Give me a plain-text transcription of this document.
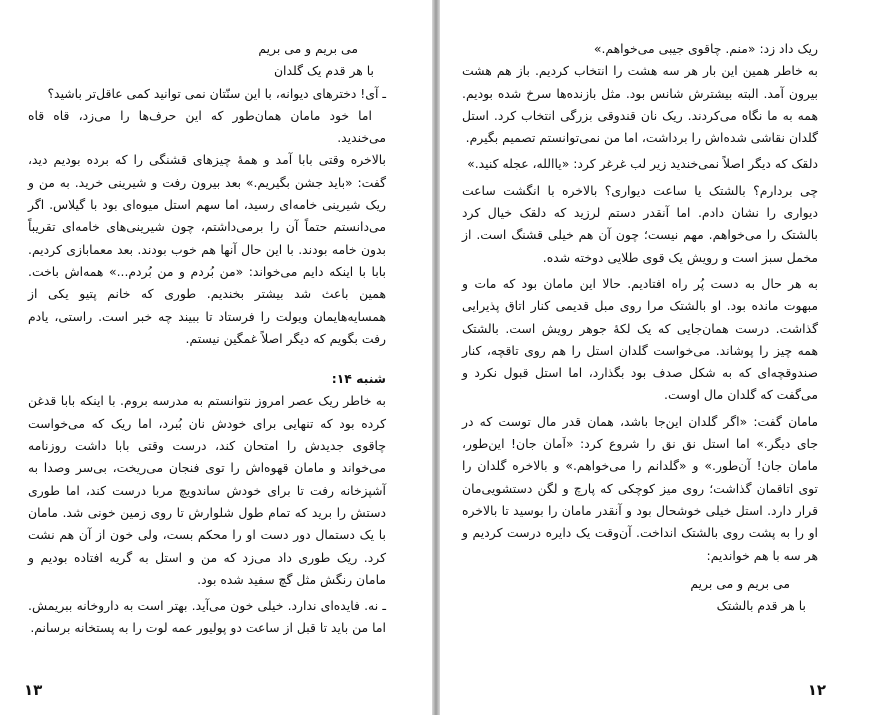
می بریم و می بریم
با هر قدم یک گلدان

ـ آی! دخترهای دیوانه، با این سنّتان نمی توانید کمی عاقل‌تر باشید؟

اما خود مامان همان‌طور که این حرف‌ها را می‌زد، قاه قاه می‌خندید.

بالاخره وقتی بابا آمد و همهٔ چیزهای قشنگی را که برده بودیم دید، گفت: «باید جشن بگیریم.» بعد بیرون رفت و شیرینی خرید. به من و ریک شیرینی خامه‌ای رسید، اما سهم استل میوه‌ای بود با گیلاس. اگر می‌دانستم حتماً آن را برمی‌داشتم، چون شیرینی‌های خامه‌ای تقریباً بدون خامه بودند. با این حال آنها هم خوب بودند. بعد معمابازی کردیم. بابا با اینکه دایم می‌خواند: «من بُردم و من بُردم...» همه‌اش باخت. همین باعث شد بیشتر بخندیم. طوری که خانم پتیو یکی از همسایه‌هایمان ویولت را فرستاد تا ببیند چه خبر است. راستی، یادم رفت بگویم که دیگر اصلاً غمگین نیستم.

شنبه ۱۴:

به خاطر ریک عصر امروز نتوانستم به مدرسه بروم. با اینکه بابا قدغن کرده بود که تنهایی برای خودش نان بُبرد، اما ریک که می‌خواست چاقوی جدیدش را امتحان کند، درست وقتی بابا داشت روزنامه می‌خواند و مامان قهوه‌اش را توی فنجان می‌ریخت، بی‌سر وصدا به آشپزخانه رفت تا برای خودش ساندویچ مربا درست کند، اما طوری دستش را برید که تمام طول شلوارش تا روی زمین خونی شد. مامان با یک دستمال دور دست او را محکم بست، ولی خون از آن هم نشت کرد. ریک طوری داد می‌زد که من و استل به گریه افتاده بودیم و مامان رنگش مثل گچ سفید شده بود.

ـ نه. فایده‌ای ندارد. خیلی خون می‌آید. بهتر است به داروخانه ببریمش. اما من باید تا قبل از ساعت دو پولیور عمه لوت را به پستخانه برسانم.

۱۳

ریک داد زد: «منم. چاقوی جیبی می‌خواهم.»

به خاطر همین این بار هر سه هشت را انتخاب کردیم. باز هم هشت بیرون آمد. البته بیشترش شانس بود. مثل بازنده‌ها سرخ شده بودیم. همه به ما نگاه می‌کردند. ریک نان قندوقی بزرگی انتخاب کرد. استل گلدان نقاشی شده‌اش را برداشت، اما من نمی‌توانستم تصمیم بگیرم.

دلقک که دیگر اصلاً نمی‌خندید زیر لب غرغر کرد: «یاالله، عجله کنید.»

چی بردارم؟ بالشتک یا ساعت دیواری؟ بالاخره با انگشت ساعت دیواری را نشان دادم. اما آنقدر دستم لرزید که دلقک خیال کرد بالشتک را می‌خواهم. مهم نیست؛ چون آن هم خیلی قشنگ است. از مخمل سبز است و رویش یک قوی طلایی دوخته شده.

به هر حال به دست پُر راه افتادیم. حالا این مامان بود که مات و مبهوت مانده بود. او بالشتک مرا روی مبل قدیمی کنار اتاق پذیرایی گذاشت. درست همان‌جایی که یک لکهٔ جوهر رویش است. بالشتک همه چیز را پوشاند. می‌خواست گلدان استل را هم روی تاقچه، کنار صندوقچه‌ای که به شکل صدف بود بگذارد، اما استل قبول نکرد و می‌گفت که گلدان مال اوست.

مامان گفت: «اگر گلدان این‌جا باشد، همان قدر مال توست که در جای دیگر.» اما استل نق نق را شروع کرد: «اَمان جان! این‌طور، مامان جان! آن‌طور.» و «گلدانم را می‌خواهم.» و بالاخره گلدان را توی اتاقمان گذاشت؛ روی میز کوچکی که پارچ و لگن دستشویی‌مان قرار دارد. استل خیلی خوشحال بود و آنقدر مامان را بوسید تا بالاخره او را به پشت روی بالشتک انداخت. آن‌وقت یک دایره درست کردیم و هر سه با هم خواندیم:

می بریم و می بریم
با هر قدم بالشتک
۱۲
